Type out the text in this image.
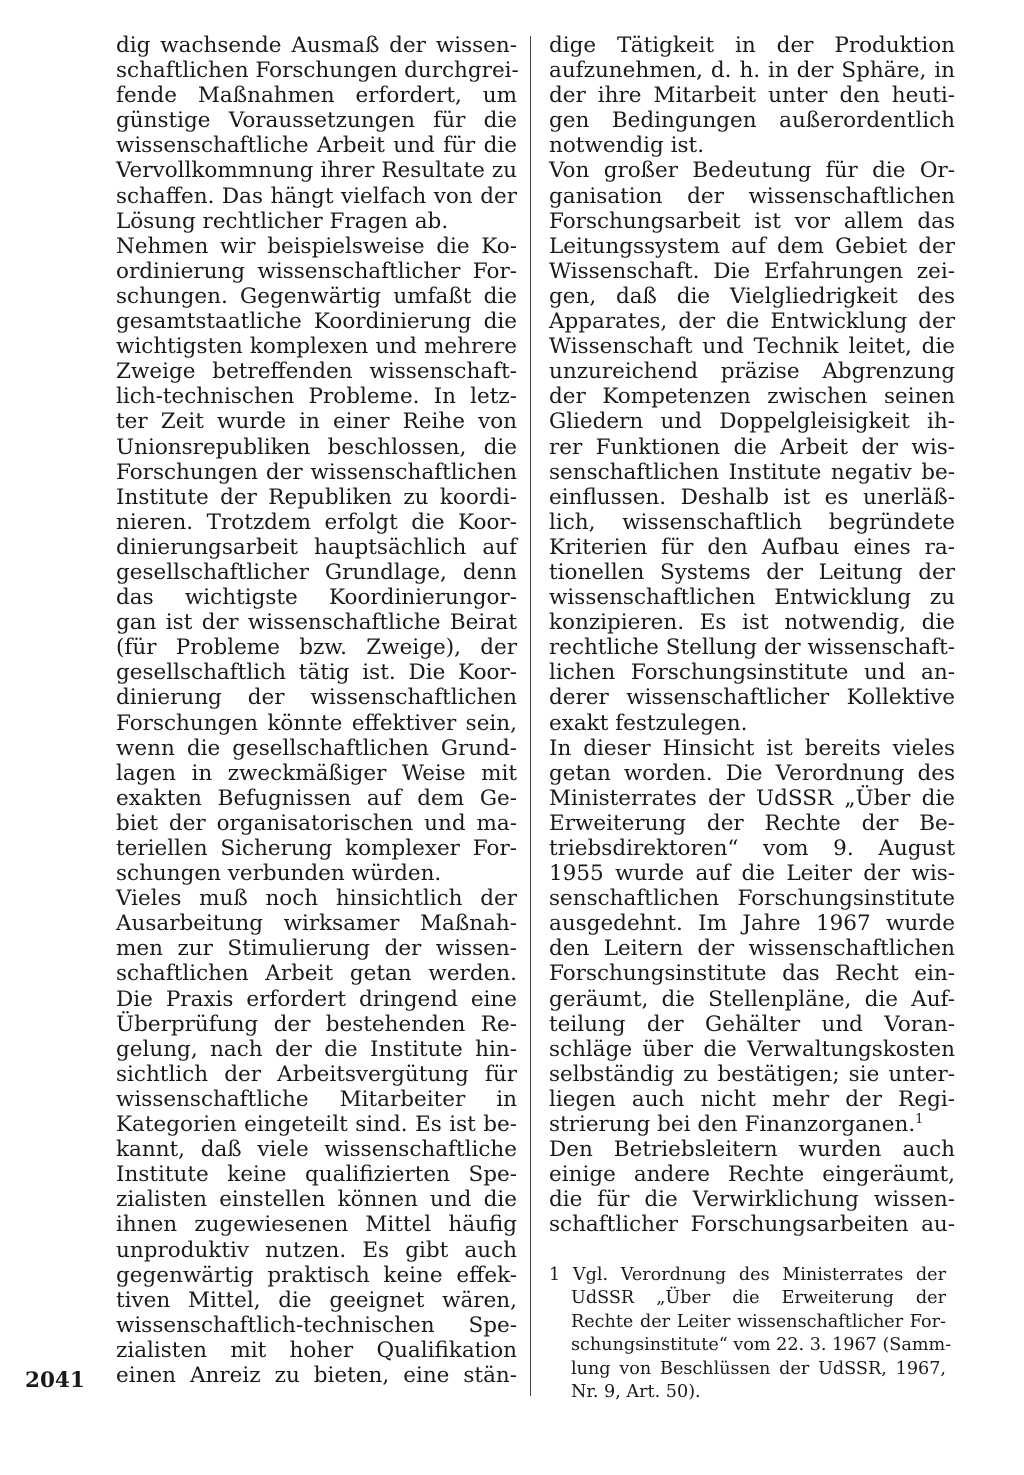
dig wachsende Ausmaß der wissen-
schaftlichen Forschungen durchgrei-
fende Maßnahmen erfordert, um
günstige Voraussetzungen für die
wissenschaftliche Arbeit und für die
Vervollkommnung ihrer Resultate zu
schaffen. Das hängt vielfach von der
Lösung rechtlicher Fragen ab.
Nehmen wir beispielsweise die Ko-
ordinierung wissenschaftlicher For-
schungen. Gegenwärtig umfaßt die
gesamtstaatliche Koordinierung die
wichtigsten komplexen und mehrere
Zweige betreffenden wissenschaft-
lich-technischen Probleme. In letz-
ter Zeit wurde in einer Reihe von
Unionsrepubliken beschlossen, die
Forschungen der wissenschaftlichen
Institute der Republiken zu koordi-
nieren. Trotzdem erfolgt die Koor-
dinierungsarbeit hauptsächlich auf
gesellschaftlicher Grundlage, denn
das wichtigste Koordinierungor-
gan ist der wissenschaftliche Beirat
(für Probleme bzw. Zweige), der
gesellschaftlich tätig ist. Die Koor-
dinierung der wissenschaftlichen
Forschungen könnte effektiver sein,
wenn die gesellschaftlichen Grund-
lagen in zweckmäßiger Weise mit
exakten Befugnissen auf dem Ge-
biet der organisatorischen und ma-
teriellen Sicherung komplexer For-
schungen verbunden würden.
Vieles muß noch hinsichtlich der
Ausarbeitung wirksamer Maßnah-
men zur Stimulierung der wissen-
schaftlichen Arbeit getan werden.
Die Praxis erfordert dringend eine
Überprüfung der bestehenden Re-
gelung, nach der die Institute hin-
sichtlich der Arbeitsvergütung für
wissenschaftliche Mitarbeiter in
Kategorien eingeteilt sind. Es ist be-
kannt, daß viele wissenschaftliche
Institute keine qualifizierten Spe-
zialisten einstellen können und die
ihnen zugewiesenen Mittel häufig
unproduktiv nutzen. Es gibt auch
gegenwärtig praktisch keine effek-
tiven Mittel, die geeignet wären,
wissenschaftlich-technischen Spe-
zialisten mit hoher Qualifikation
einen Anreiz zu bieten, eine stän-
dige Tätigkeit in der Produktion
aufzunehmen, d. h. in der Sphäre, in
der ihre Mitarbeit unter den heuti-
gen Bedingungen außerordentlich
notwendig ist.
Von großer Bedeutung für die Or-
ganisation der wissenschaftlichen
Forschungsarbeit ist vor allem das
Leitungssystem auf dem Gebiet der
Wissenschaft. Die Erfahrungen zei-
gen, daß die Vielgliedrigkeit des
Apparates, der die Entwicklung der
Wissenschaft und Technik leitet, die
unzureichend präzise Abgrenzung
der Kompetenzen zwischen seinen
Gliedern und Doppelgleisigkeit ih-
rer Funktionen die Arbeit der wis-
senschaftlichen Institute negativ be-
einflussen. Deshalb ist es unerläß-
lich, wissenschaftlich begründete
Kriterien für den Aufbau eines ra-
tionellen Systems der Leitung der
wissenschaftlichen Entwicklung zu
konzipieren. Es ist notwendig, die
rechtliche Stellung der wissenschaft-
lichen Forschungsinstitute und an-
derer wissenschaftlicher Kollektive
exakt festzulegen.
In dieser Hinsicht ist bereits vieles
getan worden. Die Verordnung des
Ministerrates der UdSSR „Über die
Erweiterung der Rechte der Be-
triebsdirektoren“ vom 9. August
1955 wurde auf die Leiter der wis-
senschaftlichen Forschungsinstitute
ausgedehnt. Im Jahre 1967 wurde
den Leitern der wissenschaftlichen
Forschungsinstitute das Recht ein-
geräumt, die Stellenpläne, die Auf-
teilung der Gehälter und Voran-
schläge über die Verwaltungskosten
selbständig zu bestätigen; sie unter-
liegen auch nicht mehr der Regi-
strierung bei den Finanzorganen.$^1$
Den Betriebsleitern wurden auch
einige andere Rechte eingeräumt,
die für die Verwirklichung wissen-
schaftlicher Forschungsarbeiten au-
1 Vgl. Verordnung des Ministerrates der
UdSSR „Über die Erweiterung der
Rechte der Leiter wissenschaftlicher For-
schungsinstitute“ vom 22. 3. 1967 (Samm-
lung von Beschlüssen der UdSSR, 1967,
Nr. 9, Art. 50).
2041
